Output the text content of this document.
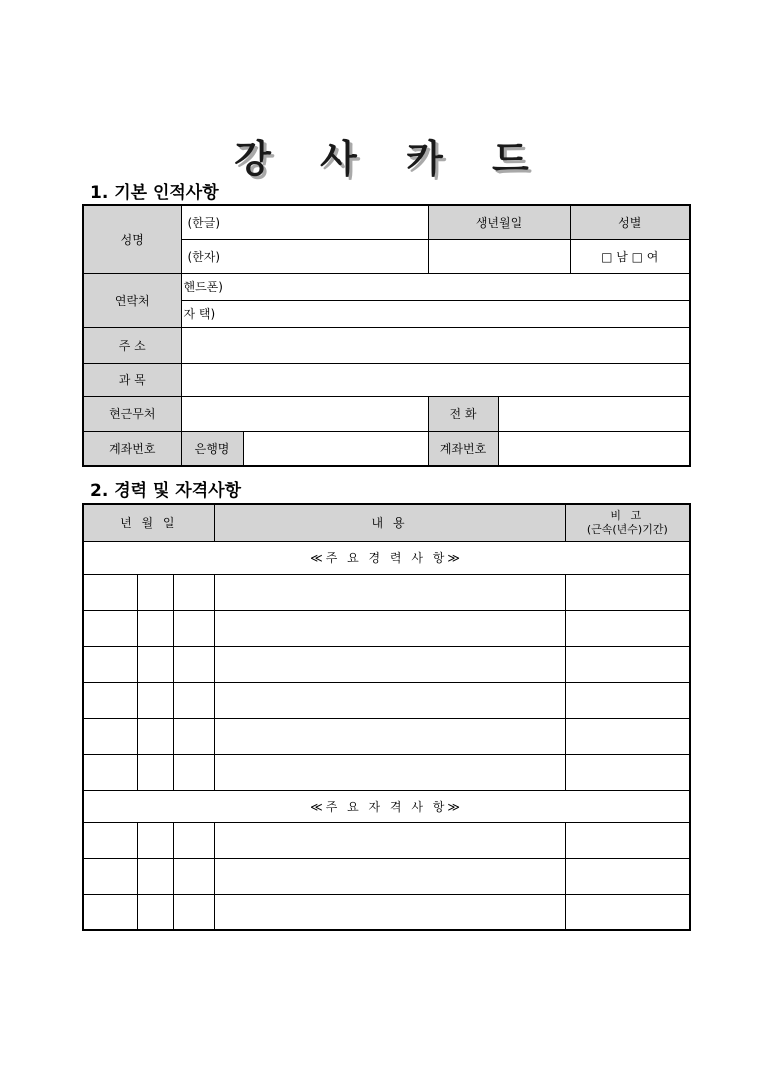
강 사 카 드
1. 기본 인적사항
성명	(한글)		생년월일		성별
	(한자)				□ 남 □ 여
연락처	핸드폰)				
	자 택)				
주 소					
과 목					
현근무처			전 화		
계좌번호	은행명		계좌번호		
2. 경력 및 자격사항
년 월 일			내 용	비 고
(근속(년수)기간)

≪주 요 경 력 사 항≫				

≪주 요 자 격 사 항≫				
